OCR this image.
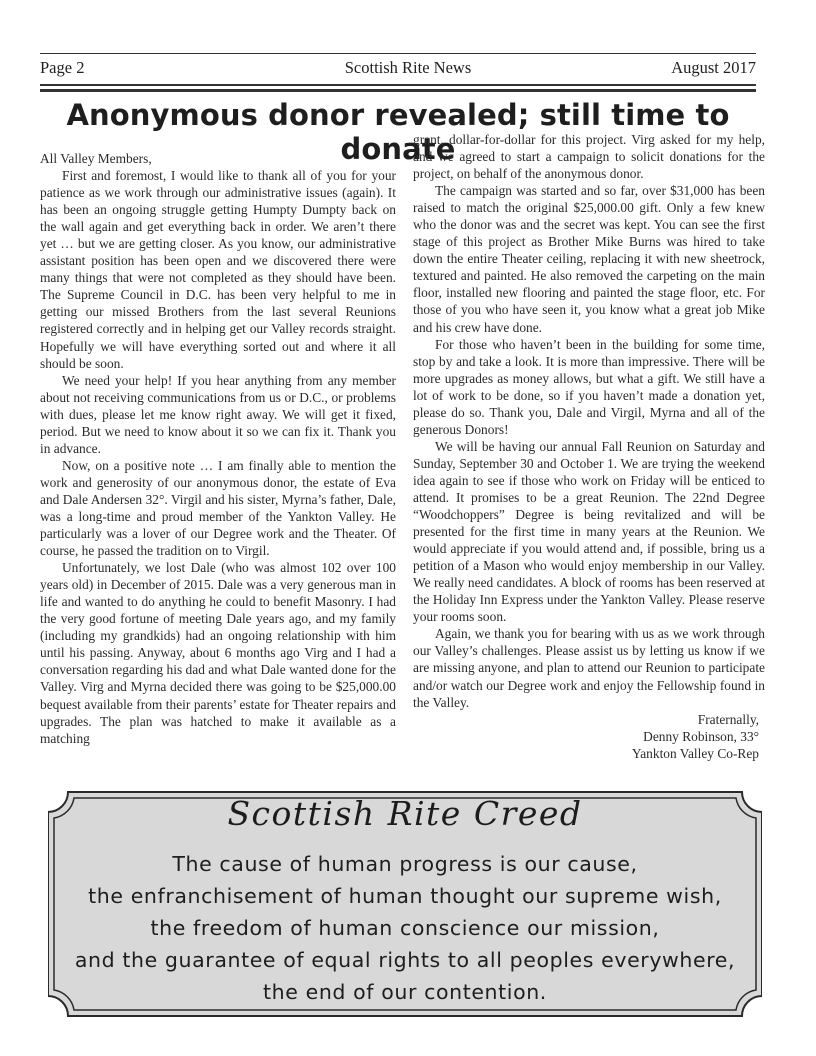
Page 2	Scottish Rite News	August 2017
Anonymous donor revealed; still time to donate

All Valley Members,

First and foremost, I would like to thank all of you for your patience as we work through our administrative issues (again). It has been an ongoing struggle getting Humpty Dumpty back on the wall again and get everything back in order. We aren’t there yet … but we are getting closer. As you know, our administrative assistant position has been open and we discovered there were many things that were not completed as they should have been. The Supreme Council in D.C. has been very helpful to me in getting our missed Brothers from the last several Reunions registered correctly and in helping get our Valley records straight. Hopefully we will have everything sorted out and where it all should be soon.

We need your help! If you hear anything from any member about not receiving communications from us or D.C., or problems with dues, please let me know right away. We will get it fixed, period. But we need to know about it so we can fix it. Thank you in advance.

Now, on a positive note … I am finally able to mention the work and generosity of our anonymous donor, the estate of Eva and Dale Andersen 32°. Virgil and his sister, Myrna’s father, Dale, was a long-time and proud member of the Yankton Valley. He particularly was a lover of our Degree work and the Theater. Of course, he passed the tradition on to Virgil.

Unfortunately, we lost Dale (who was almost 102 over 100 years old) in December of 2015. Dale was a very generous man in life and wanted to do anything he could to benefit Masonry. I had the very good fortune of meeting Dale years ago, and my family (including my grandkids) had an ongoing relationship with him until his passing. Anyway, about 6 months ago Virg and I had a conversation regarding his dad and what Dale wanted done for the Valley. Virg and Myrna decided there was going to be $25,000.00 bequest available from their parents’ estate for Theater repairs and upgrades. The plan was hatched to make it available as a matching

grant, dollar-for-dollar for this project. Virg asked for my help, and we agreed to start a campaign to solicit donations for the project, on behalf of the anonymous donor.

The campaign was started and so far, over $31,000 has been raised to match the original $25,000.00 gift. Only a few knew who the donor was and the secret was kept. You can see the first stage of this project as Brother Mike Burns was hired to take down the entire Theater ceiling, replacing it with new sheetrock, textured and painted. He also removed the carpeting on the main floor, installed new flooring and painted the stage floor, etc. For those of you who have seen it, you know what a great job Mike and his crew have done.

For those who haven’t been in the building for some time, stop by and take a look. It is more than impressive. There will be more upgrades as money allows, but what a gift. We still have a lot of work to be done, so if you haven’t made a donation yet, please do so. Thank you, Dale and Virgil, Myrna and all of the generous Donors!

We will be having our annual Fall Reunion on Saturday and Sunday, September 30 and October 1. We are trying the weekend idea again to see if those who work on Friday will be enticed to attend. It promises to be a great Reunion. The 22nd Degree “Woodchoppers” Degree is being revitalized and will be presented for the first time in many years at the Reunion. We would appreciate if you would attend and, if possible, bring us a petition of a Mason who would enjoy membership in our Valley. We really need candidates. A block of rooms has been reserved at the Holiday Inn Express under the Yankton Valley. Please reserve your rooms soon.

Again, we thank you for bearing with us as we work through our Valley’s challenges. Please assist us by letting us know if we are missing anyone, and plan to attend our Reunion to participate and/or watch our Degree work and enjoy the Fellowship found in the Valley.

Fraternally,
Denny Robinson, 33°
Yankton Valley Co-Rep
Scottish Rite Creed
The cause of human progress is our cause,
the enfranchisement of human thought our supreme wish,
the freedom of human conscience our mission,
and the guarantee of equal rights to all peoples everywhere,
the end of our contention.
